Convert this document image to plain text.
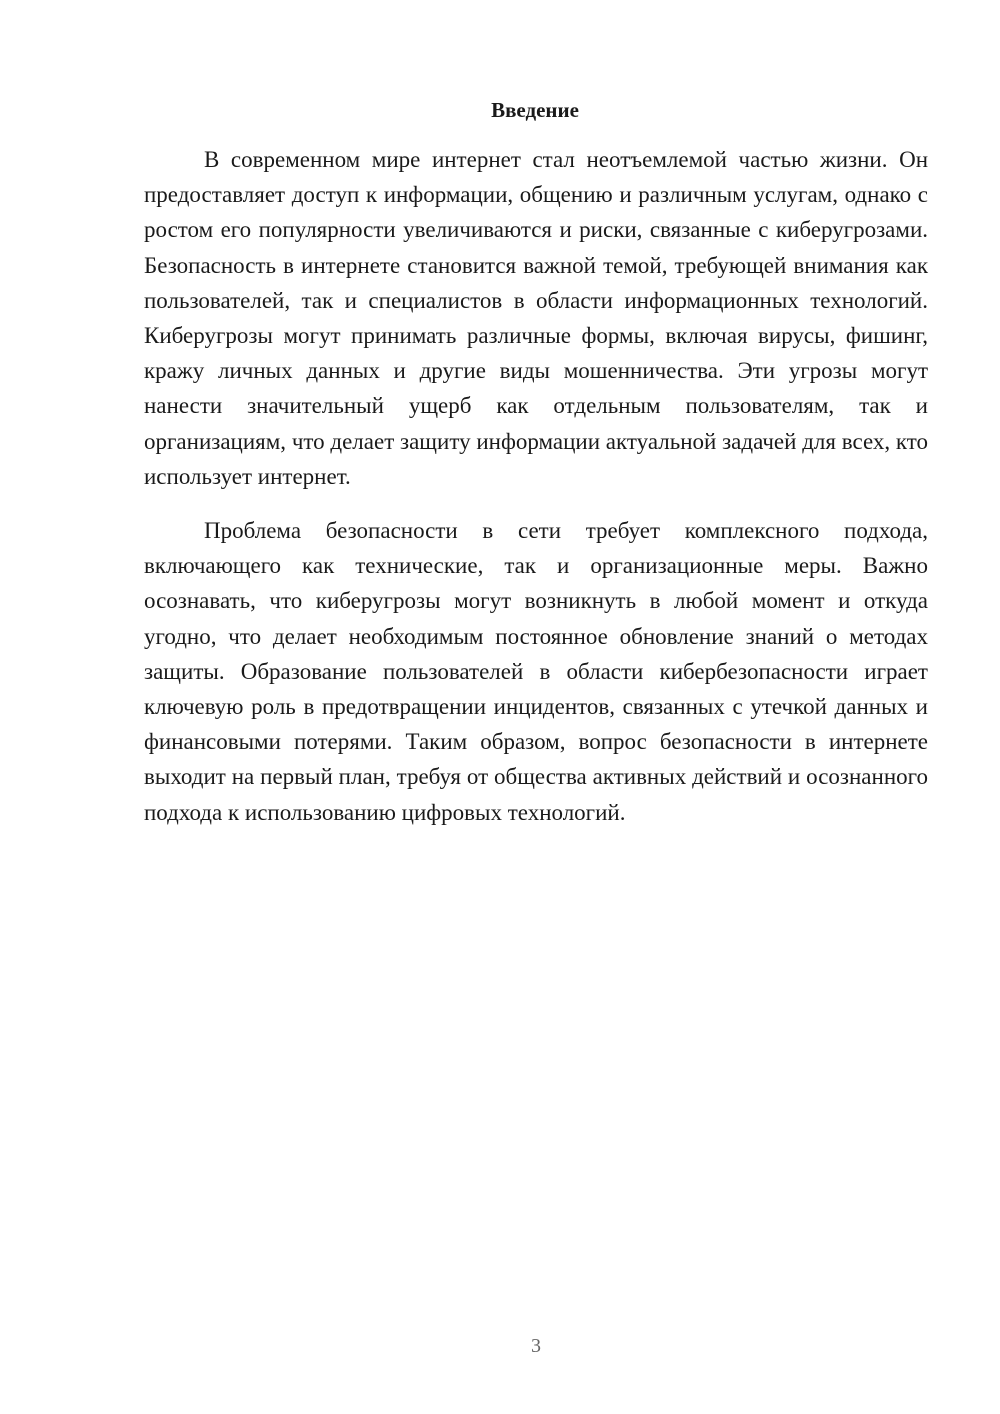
Введение

В современном мире интернет стал неотъемлемой частью жизни. Он предоставляет доступ к информации, общению и различным услугам, однако с ростом его популярности увеличиваются и риски, связанные с киберугрозами. Безопасность в интернете становится важной темой, требующей внимания как пользователей, так и специалистов в области информационных технологий. Киберугрозы могут принимать различные формы, включая вирусы, фишинг, кражу личных данных и другие виды мошенничества. Эти угрозы могут нанести значительный ущерб как отдельным пользователям, так и организациям, что делает защиту информации актуальной задачей для всех, кто использует интернет.

Проблема безопасности в сети требует комплексного подхода, включающего как технические, так и организационные меры. Важно осознавать, что киберугрозы могут возникнуть в любой момент и откуда угодно, что делает необходимым постоянное обновление знаний о методах защиты. Образование пользователей в области кибербезопасности играет ключевую роль в предотвращении инцидентов, связанных с утечкой данных и финансовыми потерями. Таким образом, вопрос безопасности в интернете выходит на первый план, требуя от общества активных действий и осознанного подхода к использованию цифровых технологий.

3
